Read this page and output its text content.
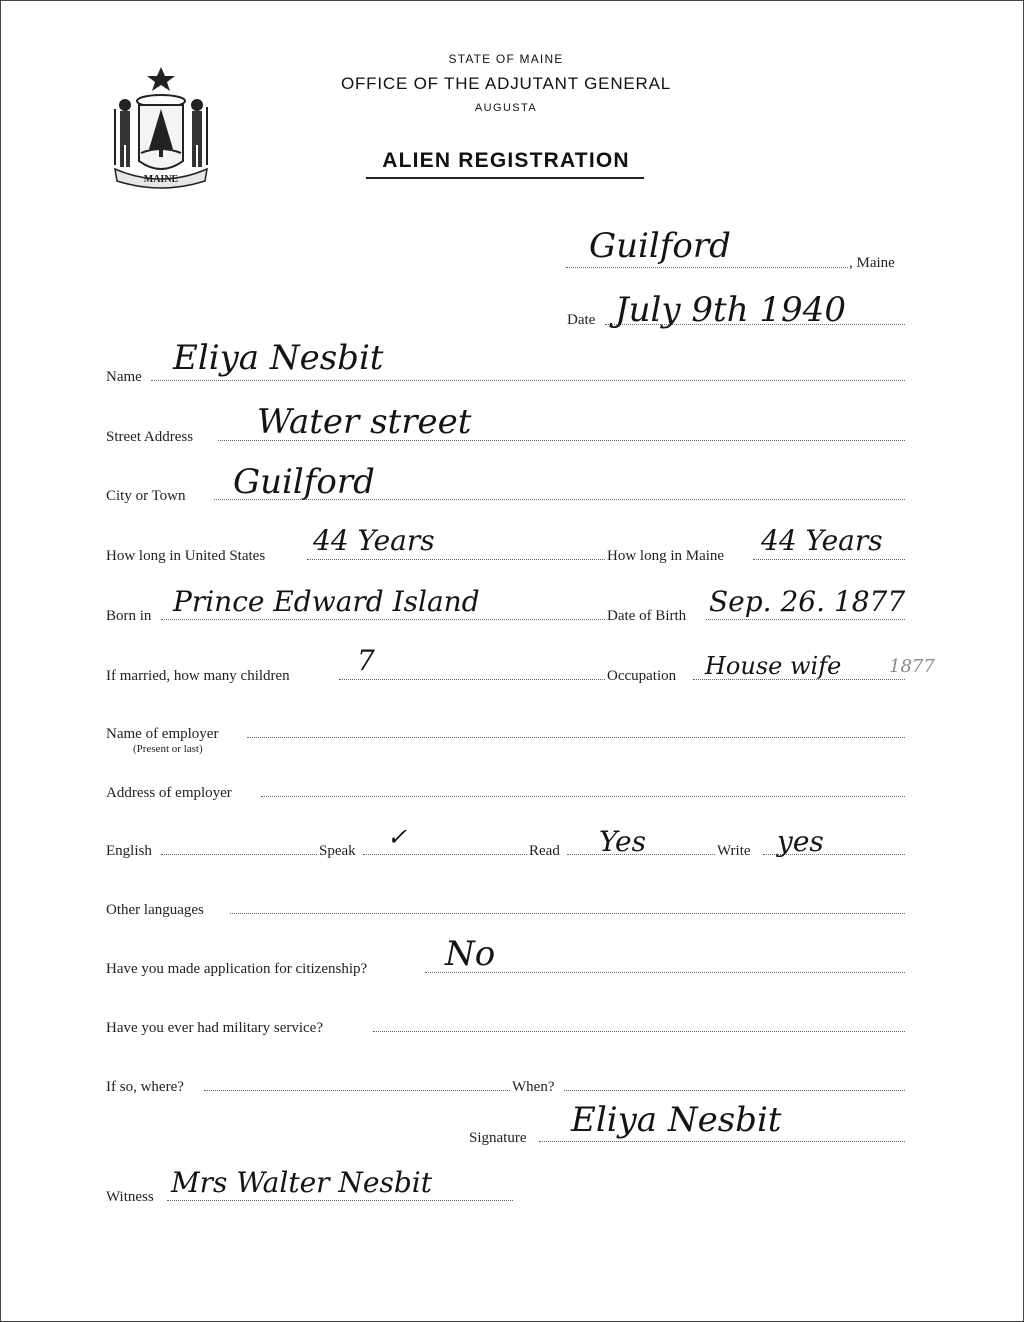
MAINE
STATE OF MAINE
OFFICE OF THE ADJUTANT GENERAL
AUGUSTA
ALIEN REGISTRATION
, Maine
Guilford
Date July 9th 1940
Name Eliya Nesbit
Street Address Water street
City or Town Guilford
How long in United States 44 Years	How long in Maine 44 Years
Born in Prince Edward Island	Date of Birth Sep. 26. 1877
If married, how many children 7	Occupation House wife	1877
Name of employer
(Present or last)
Address of employer
English	Speak ✓	Read Yes	Write yes
Other languages
Have you made application for citizenship? No
Have you ever had military service?
If so, where?	When?
Signature Eliya Nesbit
Witness Mrs Walter Nesbit
